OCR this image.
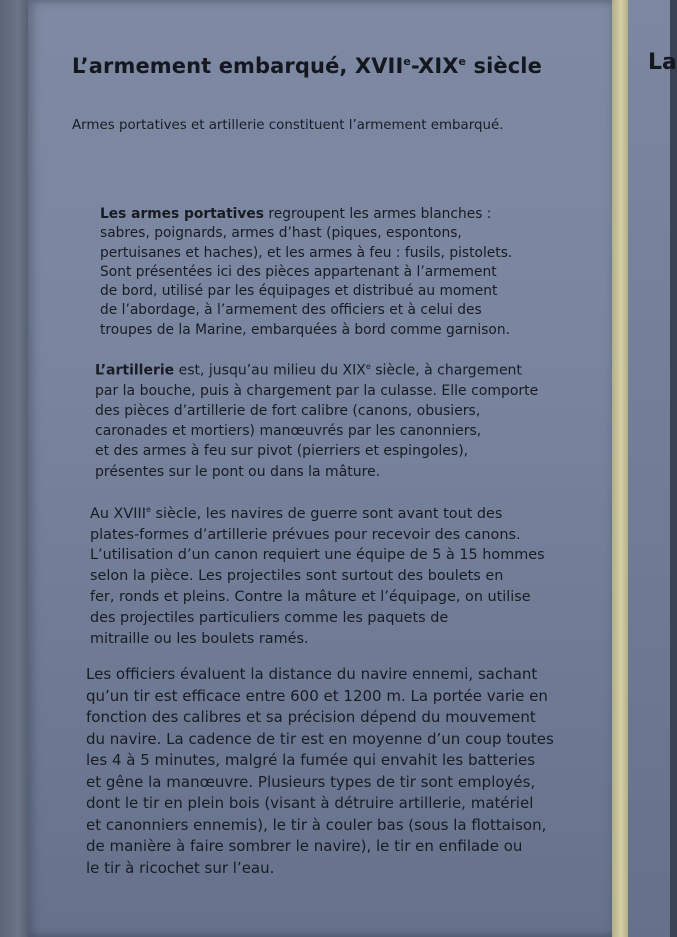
La
L’armement embarqué, XVIIe-XIXe siècle

Armes portatives et artillerie constituent l’armement embarqué.

Les armes portatives regroupent les armes blanches :
sabres, poignards, armes d’hast (piques, espontons,
pertuisanes et haches), et les armes à feu : fusils, pistolets.
Sont présentées ici des pièces appartenant à l’armement
de bord, utilisé par les équipages et distribué au moment
de l’abordage, à l’armement des officiers et à celui des
troupes de la Marine, embarquées à bord comme garnison.
L’artillerie est, jusqu’au milieu du XIXe siècle, à chargement
par la bouche, puis à chargement par la culasse. Elle comporte
des pièces d’artillerie de fort calibre (canons, obusiers,
caronades et mortiers) manœuvrés par les canonniers,
et des armes à feu sur pivot (pierriers et espingoles),
présentes sur le pont ou dans la mâture.
Au XVIIIe siècle, les navires de guerre sont avant tout des
plates-formes d’artillerie prévues pour recevoir des canons.
L’utilisation d’un canon requiert une équipe de 5 à 15 hommes
selon la pièce. Les projectiles sont surtout des boulets en
fer, ronds et pleins. Contre la mâture et l’équipage, on utilise
des projectiles particuliers comme les paquets de
mitraille ou les boulets ramés.
Les officiers évaluent la distance du navire ennemi, sachant
qu’un tir est efficace entre 600 et 1200 m. La portée varie en
fonction des calibres et sa précision dépend du mouvement
du navire. La cadence de tir est en moyenne d’un coup toutes
les 4 à 5 minutes, malgré la fumée qui envahit les batteries
et gêne la manœuvre. Plusieurs types de tir sont employés,
dont le tir en plein bois (visant à détruire artillerie, matériel
et canonniers ennemis), le tir à couler bas (sous la flottaison,
de manière à faire sombrer le navire), le tir en enfilade ou
le tir à ricochet sur l’eau.
